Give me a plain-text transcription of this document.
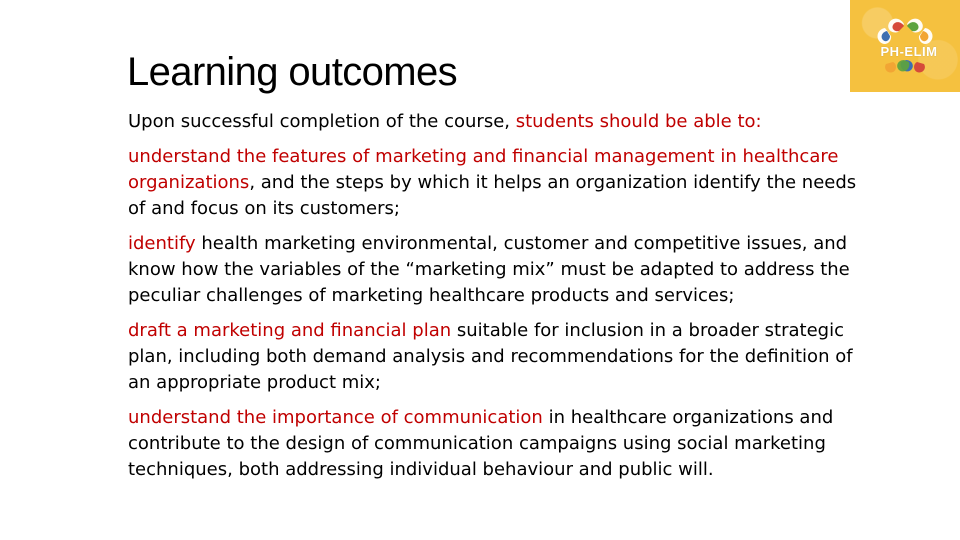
PH-ELIM
Learning outcomes

Upon successful completion of the course, students should be able to:

understand the features of marketing and financial management in healthcare organizations, and the steps by which it helps an organization identify the needs of and focus on its customers;

identify health marketing environmental, customer and competitive issues, and know how the variables of the “marketing mix” must be adapted to address the peculiar challenges of marketing healthcare products and services;

draft a marketing and financial plan suitable for inclusion in a broader strategic plan, including both demand analysis and recommendations for the definition of an appropriate product mix;

understand the importance of communication in healthcare organizations and contribute to the design of communication campaigns using social marketing techniques, both addressing individual behaviour and public will.
